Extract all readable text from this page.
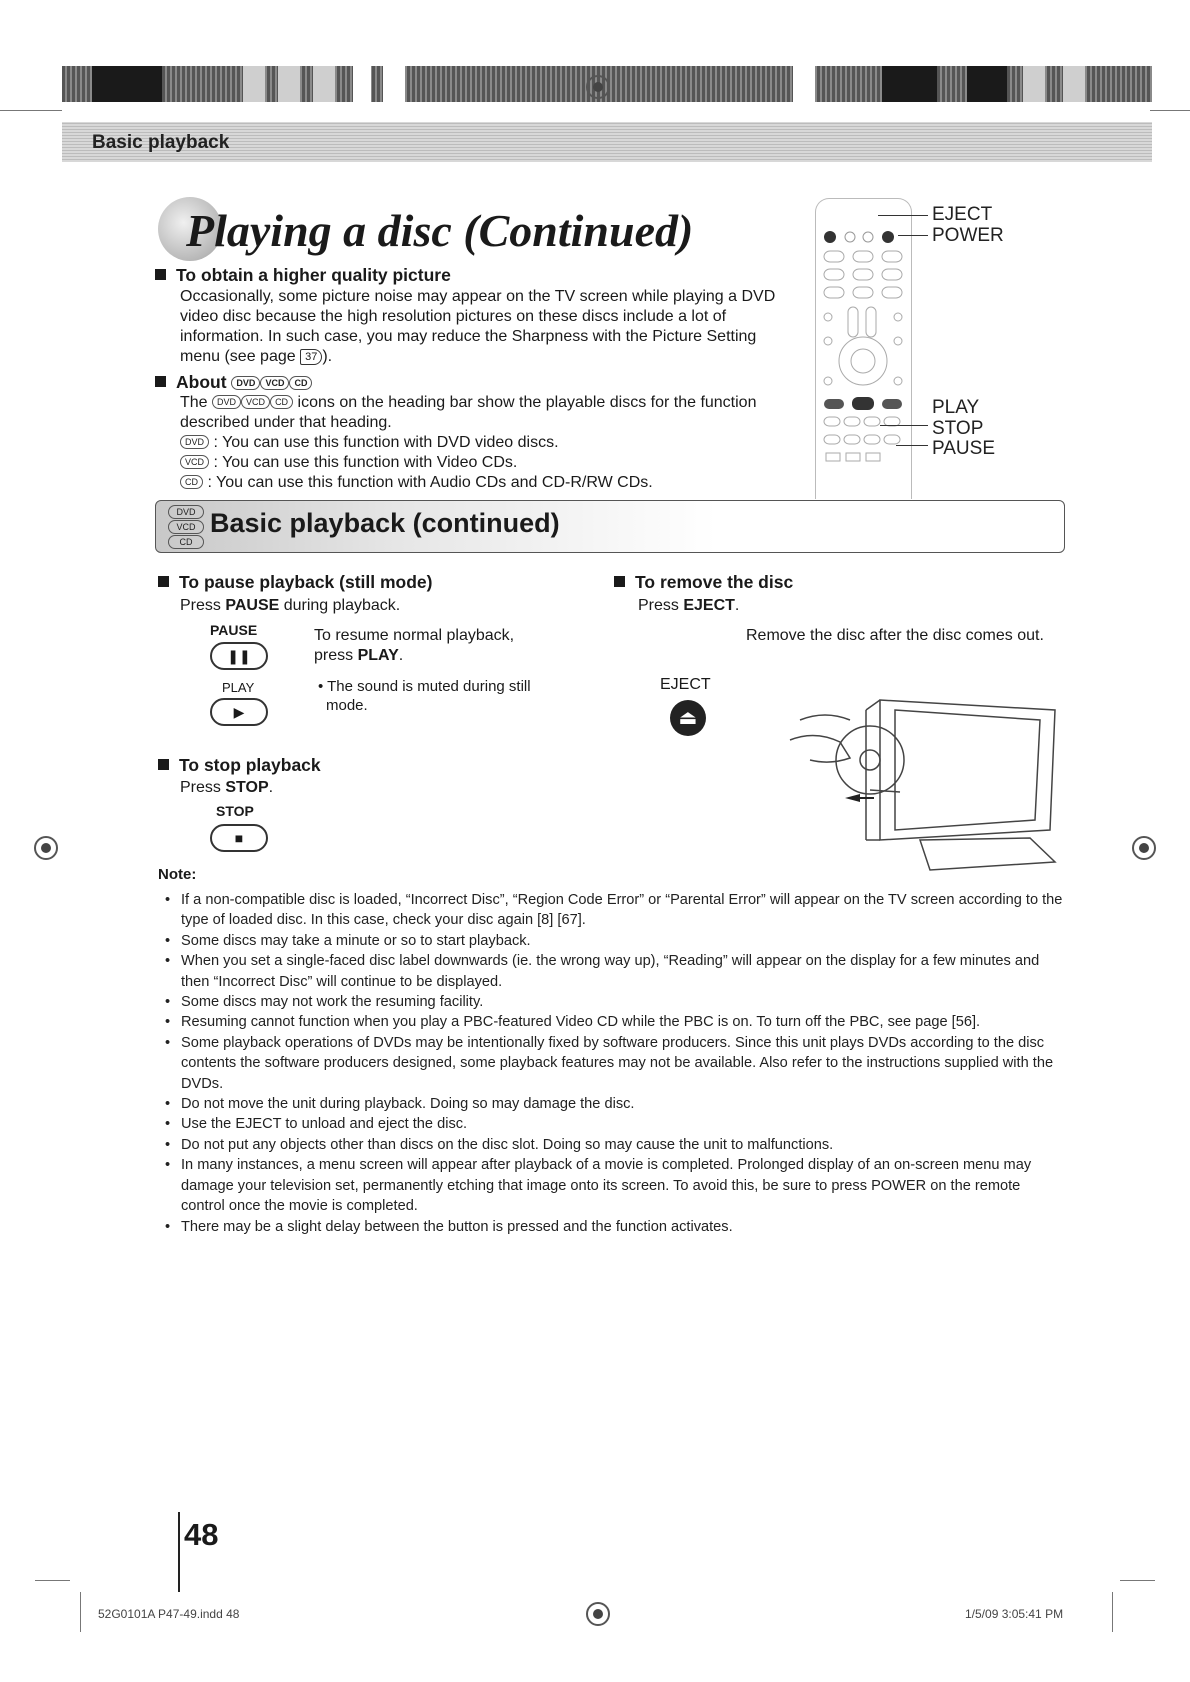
Basic playback
Playing a disc (Continued)
To obtain a higher quality picture
Occasionally, some picture noise may appear on the TV screen while playing a DVD video disc because the high resolution pictures on these discs include a lot of information. In such case, you may reduce the Sharpness with the Picture Setting menu (see page 37 ).
About DVD VCD CD
The DVD VCD CD icons on the heading bar show the playable discs for the function described under that heading.
DVD : You can use this function with DVD video discs.
VCD : You can use this function with Video CDs.
CD : You can use this function with Audio CDs and CD-R/RW CDs.
EJECT
POWER
PLAY
STOP
PAUSE
DVD
VCD
CD
Basic playback (continued)
To pause playback (still mode)
Press PAUSE during playback.
PAUSE
❚❚
PLAY
▶
To resume normal playback,
press PLAY.
• The sound is muted during still
mode.
To stop playback
Press STOP.
STOP
■
To remove the disc
Press EJECT.
Remove the disc after the disc comes out.
EJECT
⏏
Note:
• If a non-compatible disc is loaded, “Incorrect Disc”, “Region Code Error” or “Parental Error” will appear on the TV screen according to the type of loaded disc. In this case, check your disc again [8] [67].
• Some discs may take a minute or so to start playback.
• When you set a single-faced disc label downwards (ie. the wrong way up), “Reading” will appear on the display for a few minutes and then “Incorrect Disc” will continue to be displayed.
• Some discs may not work the resuming facility.
• Resuming cannot function when you play a PBC-featured Video CD while the PBC is on. To turn off the PBC, see page [56].
• Some playback operations of DVDs may be intentionally fixed by software producers. Since this unit plays DVDs according to the disc contents the software producers designed, some playback features may not be available. Also refer to the instructions supplied with the DVDs.
• Do not move the unit during playback. Doing so may damage the disc.
• Use the EJECT to unload and eject the disc.
• Do not put any objects other than discs on the disc slot. Doing so may cause the unit to malfunctions.
• In many instances, a menu screen will appear after playback of a movie is completed. Prolonged display of an on-screen menu may damage your television set, permanently etching that image onto its screen. To avoid this, be sure to press POWER on the remote control once the movie is completed.
• There may be a slight delay between the button is pressed and the function activates.
48
52G0101A P47-49.indd 48	1/5/09 3:05:41 PM
